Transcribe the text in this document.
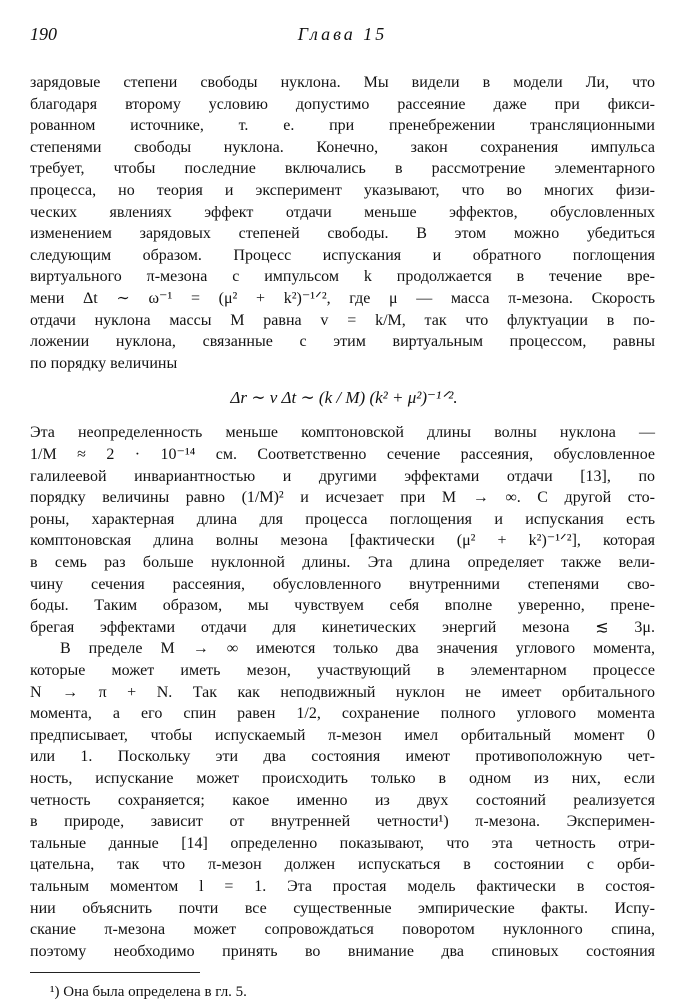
190	Глава 15
зарядовые степени свободы нуклона. Мы видели в модели Ли, что
благодаря второму условию допустимо рассеяние даже при фикси-
рованном источнике, т. е. при пренебрежении трансляционными
степенями свободы нуклона. Конечно, закон сохранения импульса
требует, чтобы последние включались в рассмотрение элементарного
процесса, но теория и эксперимент указывают, что во многих физи-
ческих явлениях эффект отдачи меньше эффектов, обусловленных
изменением зарядовых степеней свободы. В этом можно убедиться
следующим образом. Процесс испускания и обратного поглощения
виртуального π-мезона с импульсом k продолжается в течение вре-
мени Δt ∼ ω⁻¹ = (μ² + k²)⁻¹ᐟ², где μ — масса π-мезона. Скорость
отдачи нуклона массы M равна v = k/M, так что флуктуации в по-
ложении нуклона, связанные с этим виртуальным процессом, равны
по порядку величины
Δr ∼ v Δt ∼ (k / M) (k² + μ²)⁻¹ᐟ².
Эта неопределенность меньше комптоновской длины волны нуклона —
1/M ≈ 2 · 10⁻¹⁴ см. Соответственно сечение рассеяния, обусловленное
галилеевой инвариантностью и другими эффектами отдачи [13], по
порядку величины равно (1/M)² и исчезает при M → ∞. С другой сто-
роны, характерная длина для процесса поглощения и испускания есть
комптоновская длина волны мезона [фактически (μ² + k²)⁻¹ᐟ²], которая
в семь раз больше нуклонной длины. Эта длина определяет также вели-
чину сечения рассеяния, обусловленного внутренними степенями сво-
боды. Таким образом, мы чувствуем себя вполне уверенно, прене-
брегая эффектами отдачи для кинетических энергий мезона ≲ 3μ.
В пределе M → ∞ имеются только два значения углового момента,
которые может иметь мезон, участвующий в элементарном процессе
N → π + N. Так как неподвижный нуклон не имеет орбитального
момента, а его спин равен 1/2, сохранение полного углового момента
предписывает, чтобы испускаемый π-мезон имел орбитальный момент 0
или 1. Поскольку эти два состояния имеют противоположную чет-
ность, испускание может происходить только в одном из них, если
четность сохраняется; какое именно из двух состояний реализуется
в природе, зависит от внутренней четности¹) π-мезона. Эксперимен-
тальные данные [14] определенно показывают, что эта четность отри-
цательна, так что π-мезон должен испускаться в состоянии с орби-
тальным моментом l = 1. Эта простая модель фактически в состоя-
нии объяснить почти все существенные эмпирические факты. Испу-
скание π-мезона может сопровождаться поворотом нуклонного спина,
поэтому необходимо принять во внимание два спиновых состояния
¹) Она была определена в гл. 5.
